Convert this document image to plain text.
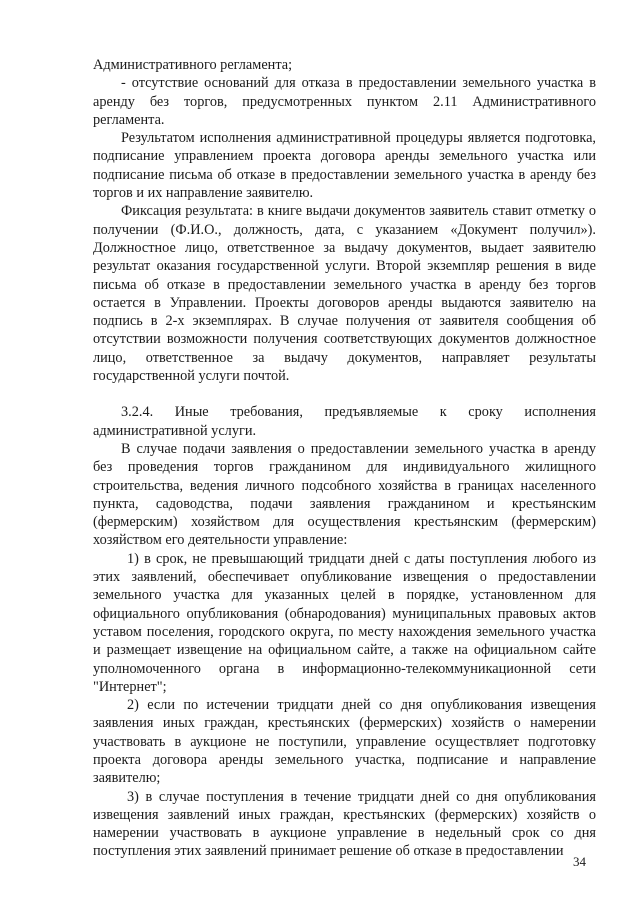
Административного регламента;

- отсутствие оснований для отказа в предоставлении земельного участка в аренду без торгов, предусмотренных пунктом 2.11 Административного регламента.

Результатом исполнения административной процедуры является подготовка, подписание управлением проекта договора аренды земельного участка или подписание письма об отказе в предоставлении земельного участка в аренду без торгов и их направление заявителю.

Фиксация результата: в книге выдачи документов заявитель ставит отметку о получении (Ф.И.О., должность, дата, с указанием «Документ получил»). Должностное лицо, ответственное за выдачу документов, выдает заявителю результат оказания государственной услуги. Второй экземпляр решения в виде письма об отказе в предоставлении земельного участка в аренду без торгов остается в Управлении. Проекты договоров аренды выдаются заявителю на подпись в 2-х экземплярах. В случае получения от заявителя сообщения об отсутствии возможности получения соответствующих документов должностное лицо, ответственное за выдачу документов, направляет результаты государственной услуги почтой.

3.2.4. Иные требования, предъявляемые к сроку исполнения административной услуги.

В случае подачи заявления о предоставлении земельного участка в аренду без проведения торгов гражданином для индивидуального жилищного строительства, ведения личного подсобного хозяйства в границах населенного пункта, садоводства, подачи заявления гражданином и крестьянским (фермерским) хозяйством для осуществления крестьянским (фермерским) хозяйством его деятельности управление:

1) в срок, не превышающий тридцати дней с даты поступления любого из этих заявлений, обеспечивает опубликование извещения о предоставлении земельного участка для указанных целей в порядке, установленном для официального опубликования (обнародования) муниципальных правовых актов уставом поселения, городского округа, по месту нахождения земельного участка и размещает извещение на официальном сайте, а также на официальном сайте уполномоченного органа в информационно-телекоммуникационной сети "Интернет";

2) если по истечении тридцати дней со дня опубликования извещения заявления иных граждан, крестьянских (фермерских) хозяйств о намерении участвовать в аукционе не поступили, управление осуществляет подготовку проекта договора аренды земельного участка, подписание и направление заявителю;

3) в случае поступления в течение тридцати дней со дня опубликования извещения заявлений иных граждан, крестьянских (фермерских) хозяйств о намерении участвовать в аукционе управление в недельный срок со дня поступления этих заявлений принимает решение об отказе в предоставлении

34
